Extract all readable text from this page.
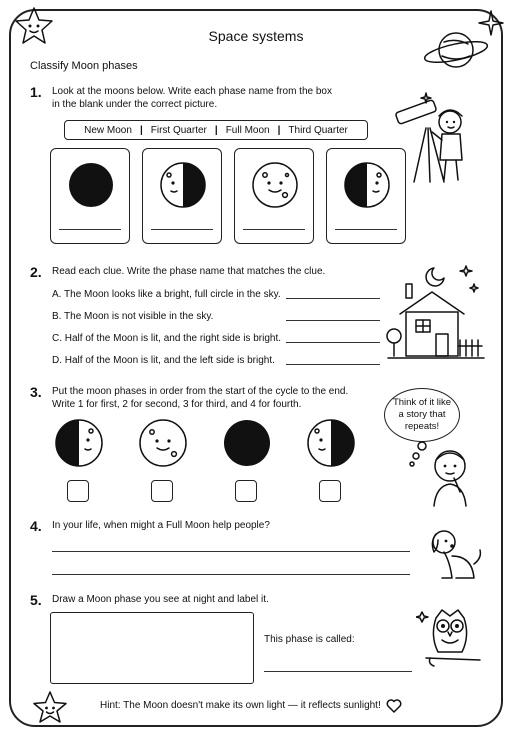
Space systems
Classify Moon phases
1. Look at the moons below. Write each phase name from the box
in the blank under the correct picture.
New Moon | First Quarter | Full Moon | Third Quarter
2. Read each clue. Write the phase name that matches the clue.
A. The Moon looks like a bright, full circle in the sky.
B. The Moon is not visible in the sky.
C. Half of the Moon is lit, and the right side is bright.
D. Half of the Moon is lit, and the left side is bright.
3. Put the moon phases in order from the start of the cycle to the end.
Write 1 for first, 2 for second, 3 for third, and 4 for fourth.	Think of it like a story that repeats!
4. In your life, when might a Full Moon help people?
5. Draw a Moon phase you see at night and label it.
This phase is called:
Hint: The Moon doesn't make its own light — it reflects sunlight!
